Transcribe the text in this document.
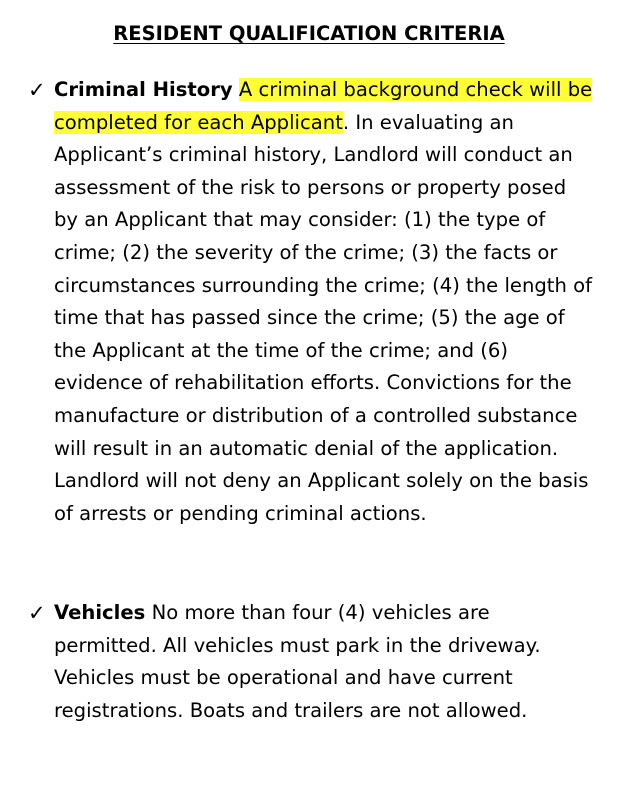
RESIDENT QUALIFICATION CRITERIA
✓ Criminal History A criminal background check will be completed for each Applicant. In evaluating an Applicant’s criminal history, Landlord will conduct an assessment of the risk to persons or property posed by an Applicant that may consider: (1) the type of crime; (2) the severity of the crime; (3) the facts or circumstances surrounding the crime; (4) the length of time that has passed since the crime; (5) the age of the Applicant at the time of the crime; and (6) evidence of rehabilitation efforts. Convictions for the manufacture or distribution of a controlled substance will result in an automatic denial of the application. Landlord will not deny an Applicant solely on the basis of arrests or pending criminal actions.
✓ Vehicles No more than four (4) vehicles are permitted. All vehicles must park in the driveway. Vehicles must be operational and have current registrations. Boats and trailers are not allowed.
